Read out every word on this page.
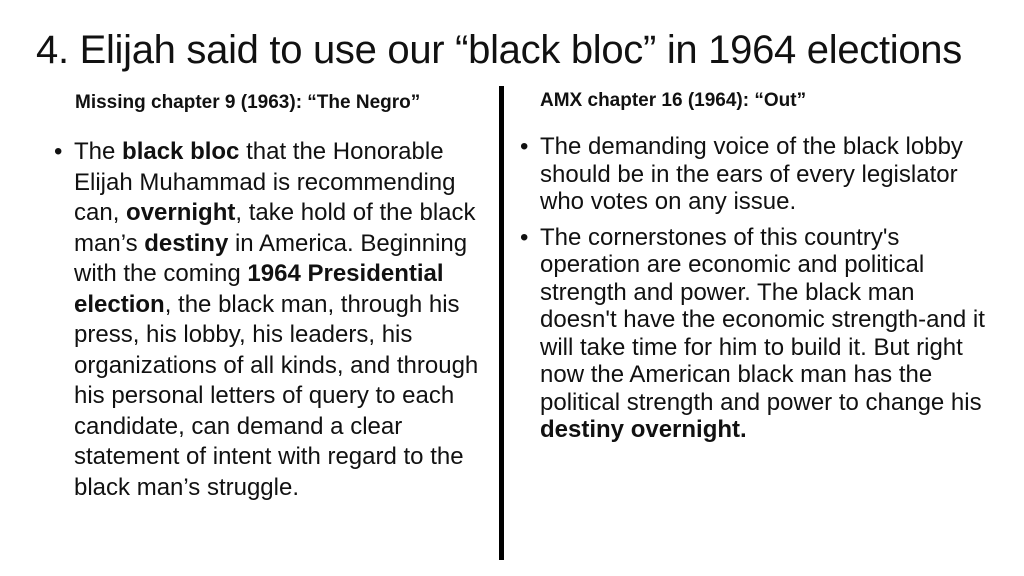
4. Elijah said to use our “black bloc” in 1964 elections
Missing chapter 9 (1963): “The Negro”	AMX chapter 16 (1964): “Out”
• The black bloc that the Honorable Elijah Muhammad is recommending can, overnight, take hold of the black man’s destiny in America. Beginning with the coming 1964 Presidential election, the black man, through his press, his lobby, his leaders, his organizations of all kinds, and through his personal letters of query to each candidate, can demand a clear statement of intent with regard to the black man’s struggle.
• The demanding voice of the black lobby should be in the ears of every legislator who votes on any issue.
• The cornerstones of this country's operation are economic and political strength and power. The black man doesn't have the economic strength-and it will take time for him to build it. But right now the American black man has the political strength and power to change his destiny overnight.
